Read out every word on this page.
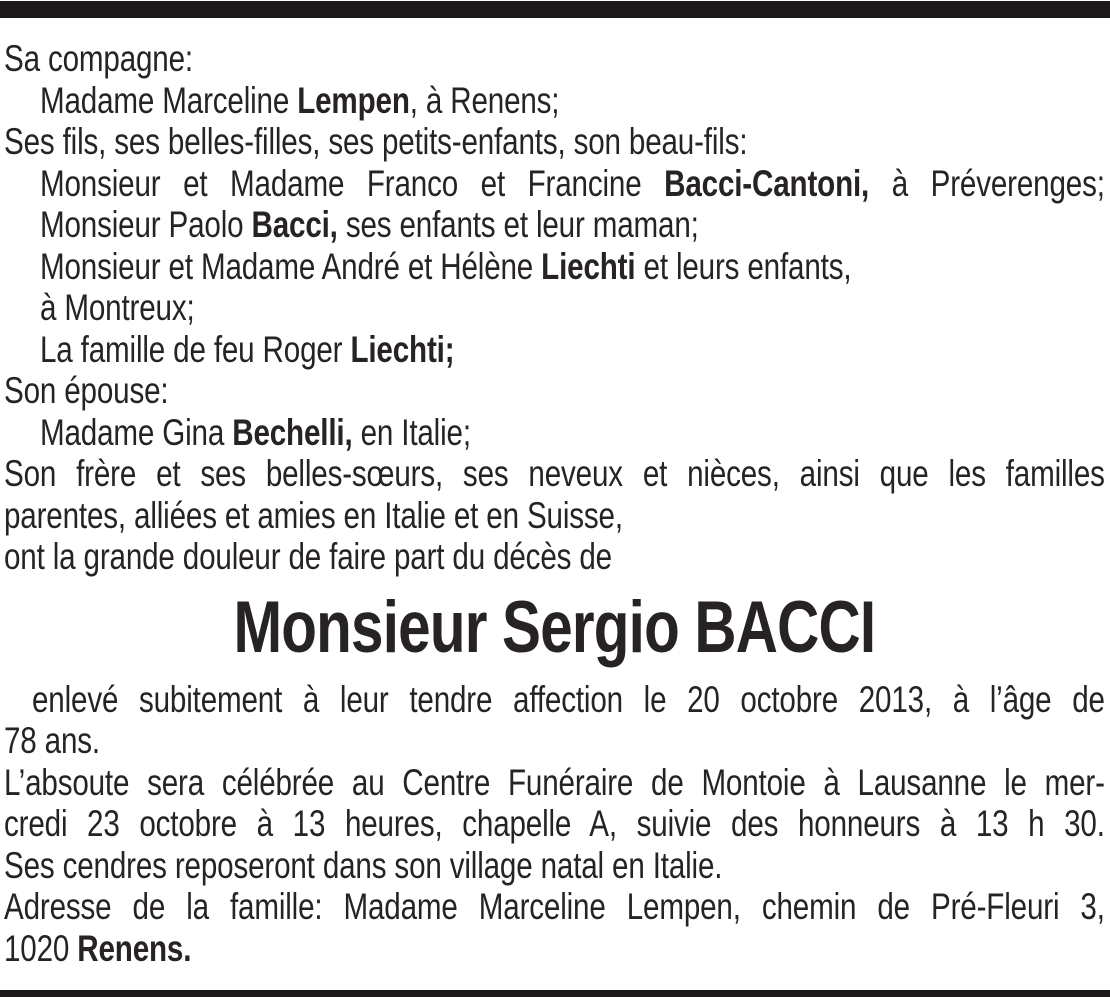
Sa compagne:
Madame Marceline Lempen, à Renens;
Ses fils, ses belles-filles, ses petits-enfants, son beau-fils:
Monsieur et Madame Franco et Francine Bacci-Cantoni, à Préverenges;
Monsieur Paolo Bacci, ses enfants et leur maman;
Monsieur et Madame André et Hélène Liechti et leurs enfants,
à Montreux;
La famille de feu Roger Liechti;
Son épouse:
Madame Gina Bechelli, en Italie;
Son frère et ses belles-sœurs, ses neveux et nièces, ainsi que les familles
parentes, alliées et amies en Italie et en Suisse,
ont la grande douleur de faire part du décès de
Monsieur Sergio BACCI
enlevé subitement à leur tendre affection le 20 octobre 2013, à l’âge de
78 ans.
L’absoute sera célébrée au Centre Funéraire de Montoie à Lausanne le mer-
credi 23 octobre à 13 heures, chapelle A, suivie des honneurs à 13 h 30.
Ses cendres reposeront dans son village natal en Italie.
Adresse de la famille: Madame Marceline Lempen, chemin de Pré-Fleuri 3,
1020 Renens.
